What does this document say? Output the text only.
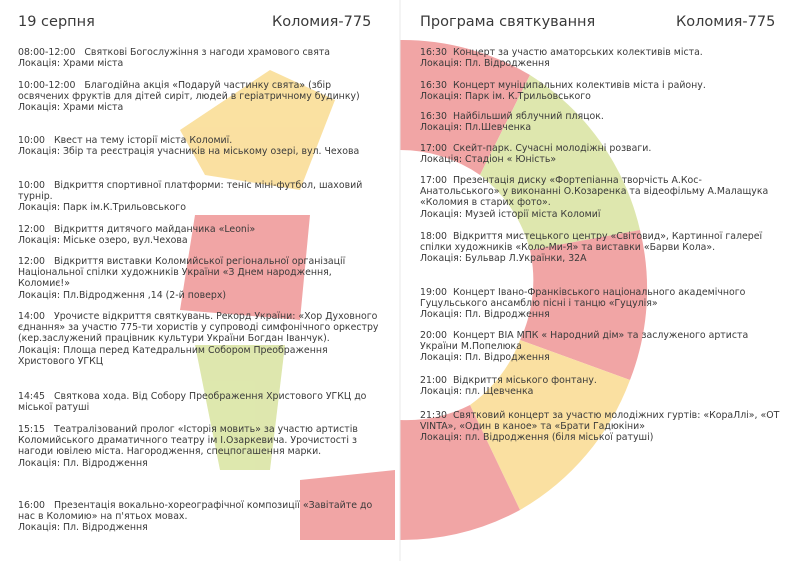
19 серпня	Коломия-775

08:00-12:00 Святкові Богослужіння з нагоди храмового свята

Локація: Храми міста

10:00-12:00 Благодійна акція «Подаруй частинку свята» (збір освячених фруктів для дітей сиріт, людей в геріатричному будинку)

Локація: Храми міста

10:00 Квест на тему історії міста Коломиї.

Локація: Збір та реєстрація учасників на міському озері, вул. Чехова

10:00 Відкриття спортивної платформи: теніс міні-футбол, шаховий турнір.

Локація: Парк ім.К.Трильовського

12:00 Відкриття дитячого майданчика «Leoni»

Локація: Міське озеро, вул.Чехова

12:00 Відкриття виставки Коломийської регіональної організації Національної спілки художників України «З Днем народження, Коломиє!»

Локація: Пл.Відродження ,14 (2-й поверх)

14:00 Урочисте відкриття святкувань. Рекорд України: «Хор Духовного єднання» за участю 775-ти хористів у супроводі симфонічного оркестру (кер.заслужений працівник культури України Богдан Іванчук).

Локація: Площа перед Катедральним Собором Преображення Христового УГКЦ

14:45 Святкова хода. Від Собору Преображення Христового УГКЦ до міської ратуші

15:15 Театралізований пролог «Історія мовить» за участю артистів Коломийського драматичного театру ім І.Озаркевича. Урочистості з нагоди ювілею міста. Нагородження, спецпогашення марки.

Локація: Пл. Відродження

16:00 Презентація вокально-хореографічної композиції «Завітайте до нас в Коломию» на п'ятьох мовах.

Локація: Пл. Відродження

Програма святкування	Коломия-775

16:30 Концерт за участю аматорських колективів міста.

Локація: Пл. Відродження

16:30 Концерт муніципальних колективів міста і району.

Локація: Парк ім. К.Трильовського

16:30 Найбільший яблучний пляцок.

Локація: Пл.Шевченка

17:00 Скейт-парк. Сучасні молодіжні розваги.

Локація: Стадіон « Юність»

17:00 Презентація диску «Фортепіанна творчість А.Кос-Анатольського» у виконанні О.Козаренка та відеофільму А.Малащука «Коломия в старих фото».

Локація: Музей історії міста Коломиї

18:00 Відкриття мистецького центру «Світовид», Картинної галереї спілки художників «Коло-Ми-Я» та виставки «Барви Кола».

Локація: Бульвар Л.Українки, 32А

19:00 Концерт Івано-Франківського національного академічного Гуцульського ансамблю пісні і танцю «Гуцулія»

Локація: Пл. Відродження

20:00 Концерт ВІА МПК « Народний дім» та заслуженого артиста України М.Попелюка

Локація: Пл. Відродження

21:00 Відкриття міського фонтану.

Локація: пл. Щевченка

21:30 Святковий концерт за участю молодіжних гуртів: «КораЛлі», «ОТ VINTA», «Один в каное» та «Брати Гадюкіни»

Локація: пл. Відродження (біля міської ратуші)
